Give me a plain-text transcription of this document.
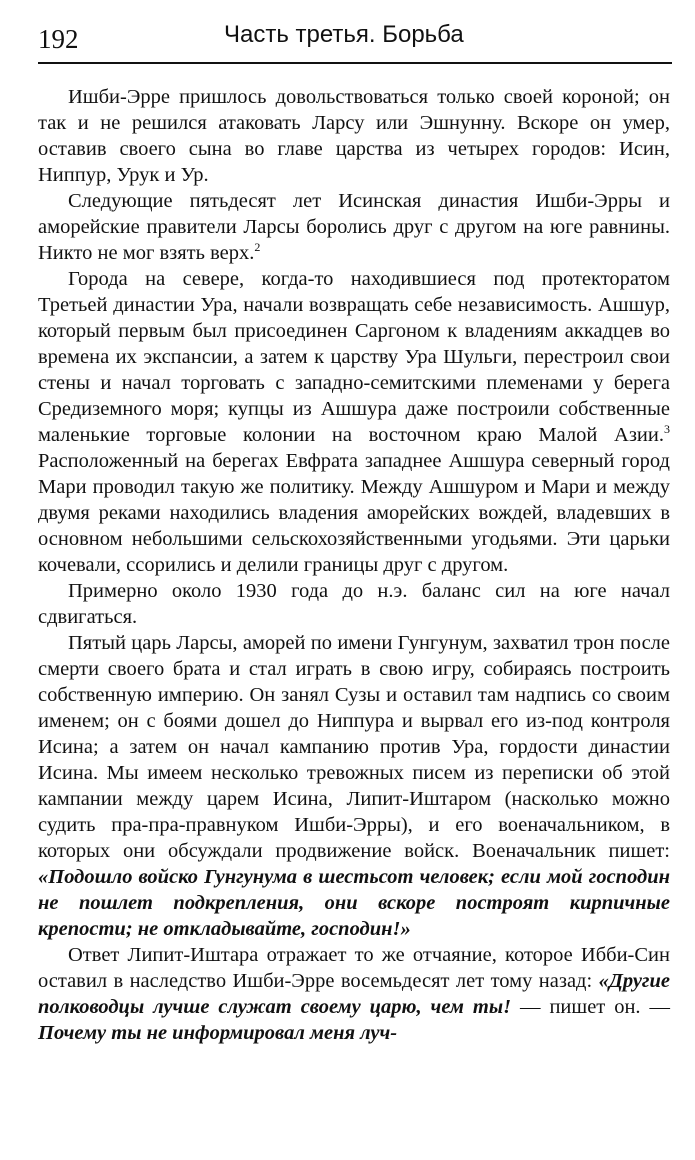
192	Часть третья. Борьба

Ишби-Эрре пришлось довольствоваться только своей короной; он так и не решился атаковать Ларсу или Эшнунну. Вскоре он умер, оставив своего сына во главе царства из четырех городов: Исин, Ниппур, Урук и Ур.

Следующие пятьдесят лет Исинская династия Ишби-Эрры и аморейские правители Ларсы боролись друг с другом на юге равнины. Никто не мог взять верх.$^2$

Города на севере, когда-то находившиеся под протекторатом Третьей династии Ура, начали возвращать себе независимость. Ашшур, который первым был присоединен Саргоном к владениям аккадцев во времена их экспансии, а затем к царству Ура Шульги, перестроил свои стены и начал торговать с западно-семитскими племенами у берега Средиземного моря; купцы из Ашшура даже построили собственные маленькие торговые колонии на восточном краю Малой Азии.$^3$ Расположенный на берегах Евфрата западнее Ашшура северный город Мари проводил такую же политику. Между Ашшуром и Мари и между двумя реками находились владения аморейских вождей, владевших в основном небольшими сельскохозяйственными угодьями. Эти царьки кочевали, ссорились и делили границы друг с другом.

Примерно около 1930 года до н.э. баланс сил на юге начал сдвигаться.

Пятый царь Ларсы, аморей по имени Гунгунум, захватил трон после смерти своего брата и стал играть в свою игру, собираясь построить собственную империю. Он занял Сузы и оставил там надпись со своим именем; он с боями дошел до Ниппура и вырвал его из-под контроля Исина; а затем он начал кампанию против Ура, гордости династии Исина. Мы имеем несколько тревожных писем из переписки об этой кампании между царем Исина, Липит-Иштаром (насколько можно судить пра-пра-правнуком Ишби-Эрры), и его военачальником, в которых они обсуждали продвижение войск. Военачальник пишет: «Подошло войско Гунгунума в шестьсот человек; если мой господин не пошлет подкрепления, они вскоре построят кирпичные крепости; не откладывайте, господин!»

Ответ Липит-Иштара отражает то же отчаяние, которое Ибби-Син оставил в наследство Ишби-Эрре восемьдесят лет тому назад: «Другие полководцы лучше служат своему царю, чем ты! — пишет он. — Почему ты не информировал меня луч-
